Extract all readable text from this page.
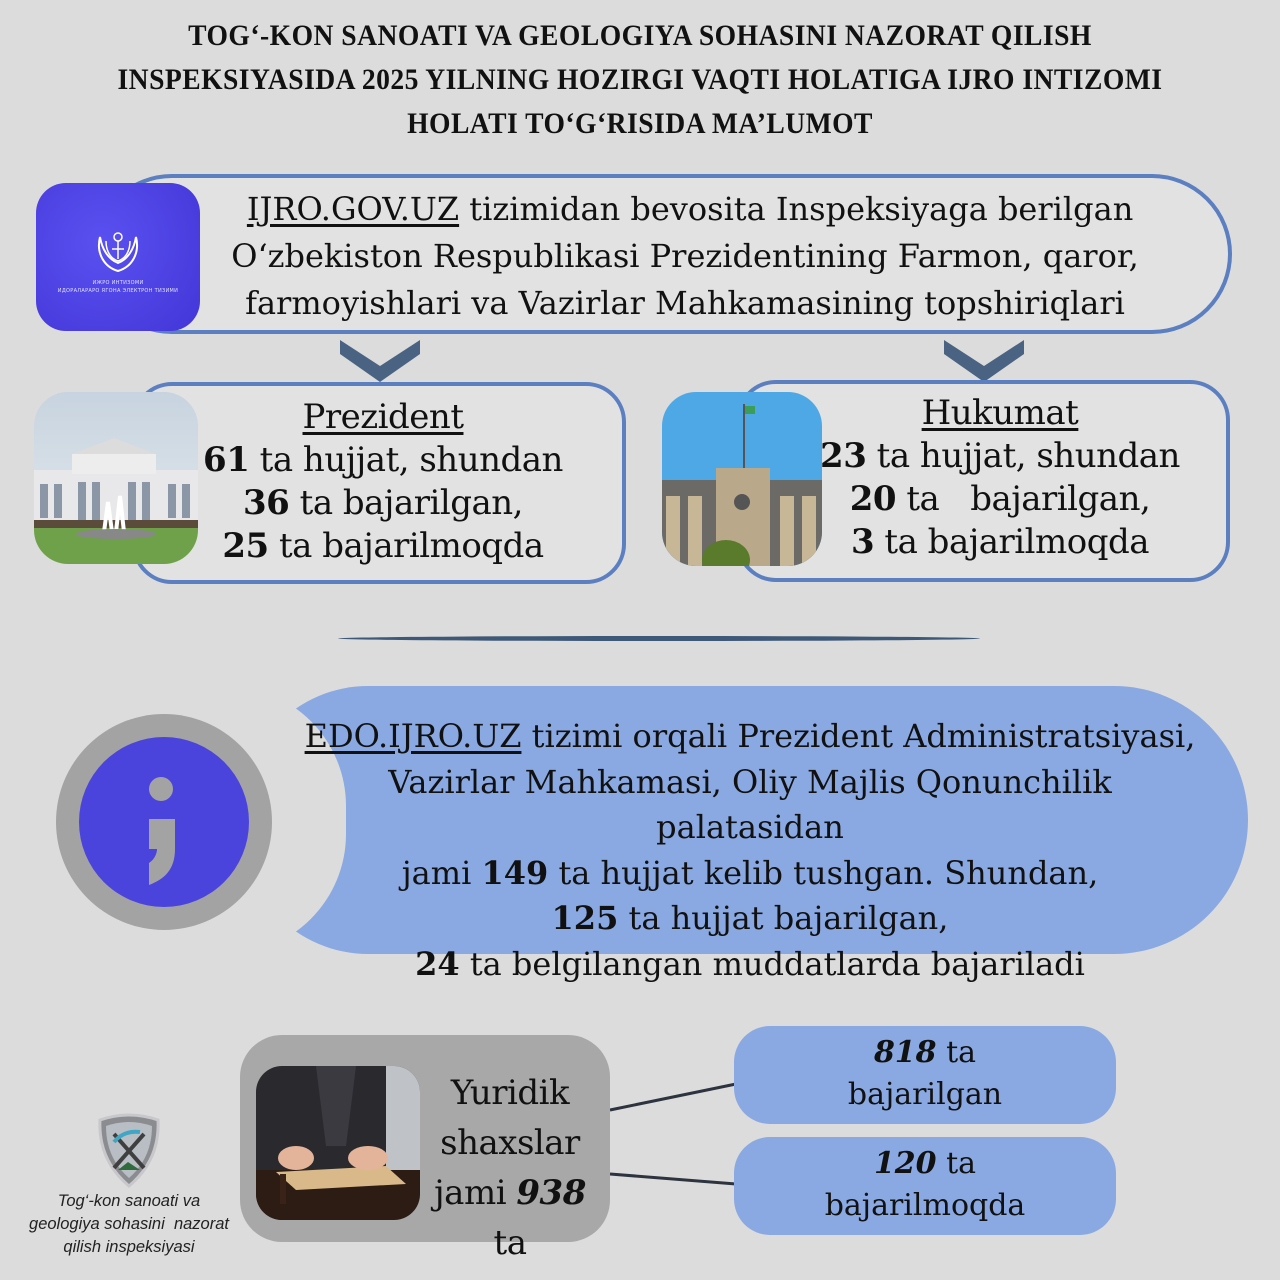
TOG‘-KON SANOATI VA GEOLOGIYA SOHASINI NAZORAT QILISH
INSPEKSIYASIDA 2025 YILNING HOZIRGI VAQTI HOLATIGA IJRO INTIZOMI
HOLATI TO‘G‘RISIDA MA’LUMOT
ИЖРО ИНТИЗОМИ
ИДОРАЛАРАРО ЯГОНА ЭЛЕКТРОН ТИЗИМИ
IJRO.GOV.UZ tizimidan bevosita Inspeksiyaga berilgan
O‘zbekiston Respublikasi Prezidentining Farmon, qaror,
farmoyishlari va Vazirlar Mahkamasining topshiriqlari
Prezident
61 ta hujjat, shundan
36 ta bajarilgan,
25 ta bajarilmoqda
Hukumat
23 ta hujjat, shundan
20 ta   bajarilgan,
3 ta bajarilmoqda
EDO.IJRO.UZ tizimi orqali Prezident Administratsiyasi,
Vazirlar Mahkamasi, Oliy Majlis Qonunchilik palatasidan
jami 149 ta hujjat kelib tushgan. Shundan,
125 ta hujjat bajarilgan,
24 ta belgilangan muddatlarda bajariladi
Yuridik
shaxslar
jami 938 ta
818 ta
bajarilgan
120 ta
bajarilmoqda
Tog‘-kon sanoati va
geologiya sohasini  nazorat
qilish inspeksiyasi
